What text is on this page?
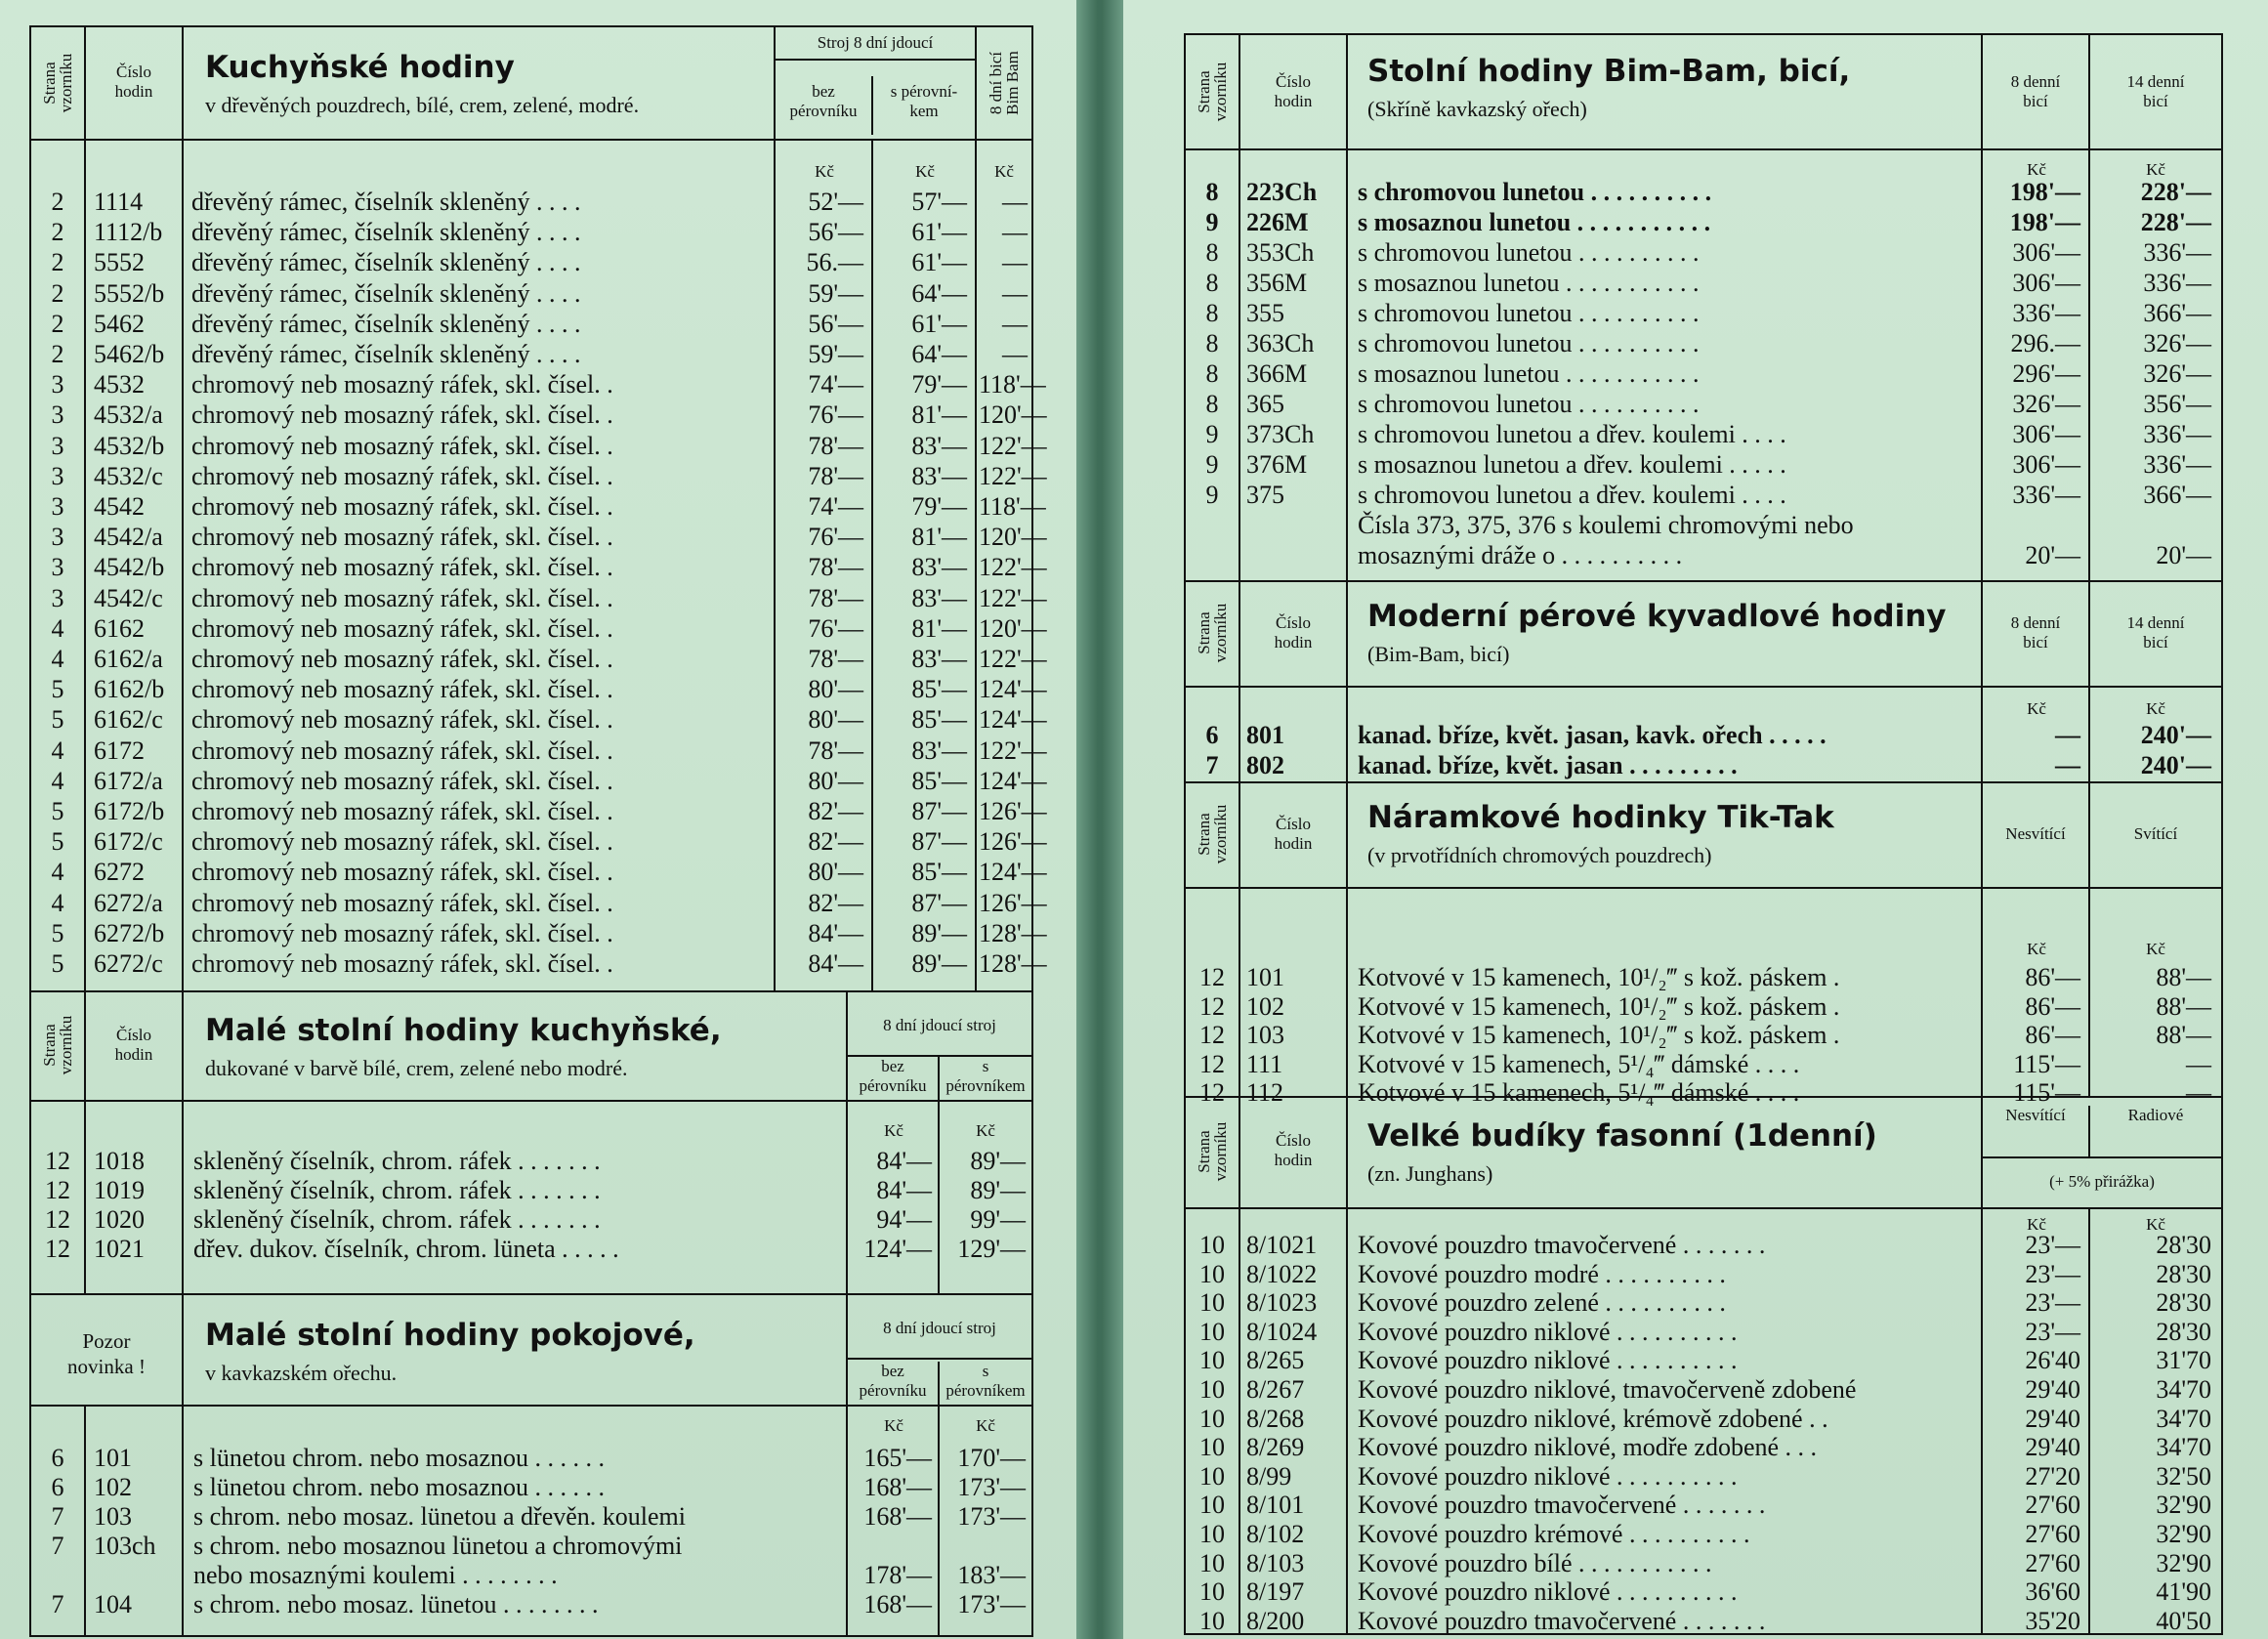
Strana
vzorníku	Číslo
hodin
Kuchyňské hodiny
v dřevěných pouzdrech, bílé, crem, zelené, modré.
Stroj 8 dní jdoucí
bez
pérovníku
s pérovní-
kem	8 dní bicí
Bim Bam
Kč	Kč	Kč
2	1114	dřevěný rámec, číselník skleněný . . . .	52'—	57'—	—
2	1112/b	dřevěný rámec, číselník skleněný . . . .	56'—	61'—	—
2	5552	dřevěný rámec, číselník skleněný . . . .	56.—	61'—	—
2	5552/b	dřevěný rámec, číselník skleněný . . . .	59'—	64'—	—
2	5462	dřevěný rámec, číselník skleněný . . . .	56'—	61'—	—
2	5462/b	dřevěný rámec, číselník skleněný . . . .	59'—	64'—	—
3	4532	chromový neb mosazný ráfek, skl. čísel. .	74'—	79'— 118'—
3	4532/a	chromový neb mosazný ráfek, skl. čísel. .	76'—	81'— 120'—
3	4532/b	chromový neb mosazný ráfek, skl. čísel. .	78'—	83'— 122'—
3	4532/c	chromový neb mosazný ráfek, skl. čísel. .	78'—	83'— 122'—
3	4542	chromový neb mosazný ráfek, skl. čísel. .	74'—	79'— 118'—
3	4542/a	chromový neb mosazný ráfek, skl. čísel. .	76'—	81'— 120'—
3	4542/b	chromový neb mosazný ráfek, skl. čísel. .	78'—	83'— 122'—
3	4542/c	chromový neb mosazný ráfek, skl. čísel. .	78'—	83'— 122'—
4	6162	chromový neb mosazný ráfek, skl. čísel. .	76'—	81'— 120'—
4	6162/a	chromový neb mosazný ráfek, skl. čísel. .	78'—	83'— 122'—
5	6162/b	chromový neb mosazný ráfek, skl. čísel. .	80'—	85'— 124'—
5	6162/c	chromový neb mosazný ráfek, skl. čísel. .	80'—	85'— 124'—
4	6172	chromový neb mosazný ráfek, skl. čísel. .	78'—	83'— 122'—
4	6172/a	chromový neb mosazný ráfek, skl. čísel. .	80'—	85'— 124'—
5	6172/b	chromový neb mosazný ráfek, skl. čísel. .	82'—	87'— 126'—
5	6172/c	chromový neb mosazný ráfek, skl. čísel. .	82'—	87'— 126'—
4	6272	chromový neb mosazný ráfek, skl. čísel. .	80'—	85'— 124'—
4	6272/a	chromový neb mosazný ráfek, skl. čísel. .	82'—	87'— 126'—
5	6272/b	chromový neb mosazný ráfek, skl. čísel. .	84'—	89'— 128'—
5	6272/c	chromový neb mosazný ráfek, skl. čísel. .	84'—	89'— 128'—
Strana
vzorníku	Číslo
hodin
Malé stolní hodiny kuchyňské,
dukované v barvě bílé, crem, zelené nebo modré.
8 dní jdoucí stroj
bez
pérovníku
s
pérovníkem
Kč	Kč
12 1018	skleněný číselník, chrom. ráfek . . . . . . .	84'—	89'—
12 1019	skleněný číselník, chrom. ráfek . . . . . . .	84'—	89'—
12 1020	skleněný číselník, chrom. ráfek . . . . . . .	94'—	99'—
12 1021	dřev. dukov. číselník, chrom. lüneta . . . . .	124'—	129'—
Pozor
novinka !
Malé stolní hodiny pokojové,
v kavkazském ořechu.
8 dní jdoucí stroj
bez
pérovníku
s
pérovníkem
Kč	Kč
6	101	s lünetou chrom. nebo mosaznou . . . . . .	165'—	170'—
6	102	s lünetou chrom. nebo mosaznou . . . . . .	168'—	173'—
7	103	s chrom. nebo mosaz. lünetou a dřevěn. koulemi	168'—	173'—
7	103ch	s chrom. nebo mosaznou lünetou a chromovými
nebo mosaznými koulemi . . . . . . . .	178'—	183'—
7	104	s chrom. nebo mosaz. lünetou . . . . . . . .	168'—	173'—
Strana
vzorníku	Číslo
hodin
Stolní hodiny Bim-Bam, bicí,
(Skříně kavkazský ořech)
8 denní
bicí
14 denní
bicí
Kč	Kč
8	223Ch	s chromovou lunetou . . . . . . . . . .	198'—	228'—
9	226M	s mosaznou lunetou . . . . . . . . . . .	198'—	228'—
8	353Ch	s chromovou lunetou . . . . . . . . . .	306'—	336'—
8	356M	s mosaznou lunetou . . . . . . . . . . .	306'—	336'—
8	355	s chromovou lunetou . . . . . . . . . .	336'—	366'—
8	363Ch	s chromovou lunetou . . . . . . . . . .	296.—	326'—
8	366M	s mosaznou lunetou . . . . . . . . . . .	296'—	326'—
8	365	s chromovou lunetou . . . . . . . . . .	326'—	356'—
9	373Ch	s chromovou lunetou a dřev. koulemi . . . .	306'—	336'—
9	376M	s mosaznou lunetou a dřev. koulemi . . . . .	306'—	336'—
9	375	s chromovou lunetou a dřev. koulemi . . . .	336'—	366'—
Čísla 373, 375, 376 s koulemi chromovými nebo
mosaznými dráže o . . . . . . . . . .	20'—	20'—
Strana
vzorníku	Číslo
hodin
Moderní pérové kyvadlové hodiny
(Bim-Bam, bicí)
8 denní
bicí
14 denní
bicí
Kč	Kč
6	801	kanad. bříze, květ. jasan, kavk. ořech . . . . .	—	240'—
7	802	kanad. bříze, květ. jasan . . . . . . . . .	—	240'—
Strana
vzorníku	Číslo
hodin
Náramkové hodinky Tik-Tak
(v prvotřídních chromových pouzdrech)
Nesvítící	Svítící
Kč	Kč
12 101	Kotvové v 15 kamenech, 10¹/₂‴ s kož. páskem .	86'—	88'—
12 102	Kotvové v 15 kamenech, 10¹/₂‴ s kož. páskem .	86'—	88'—
12 103	Kotvové v 15 kamenech, 10¹/₂‴ s kož. páskem .	86'—	88'—
12 111	Kotvové v 15 kamenech, 5¹/₄‴ dámské . . . .	115'—	—
12 112	Kotvové v 15 kamenech, 5¹/₄‴ dámské . . . .	115'—	—
Strana
vzorníku	Číslo
hodin
Velké budíky fasonní (1denní)
(zn. Junghans)
Nesvítící	Radiové
(+ 5% přirážka)
Kč	Kč
10 8/1021	Kovové pouzdro tmavočervené . . . . . . .	23'—	28'30
10 8/1022	Kovové pouzdro modré . . . . . . . . . .	23'—	28'30
10 8/1023	Kovové pouzdro zelené . . . . . . . . . .	23'—	28'30
10 8/1024	Kovové pouzdro niklové . . . . . . . . . .	23'—	28'30
10 8/265	Kovové pouzdro niklové . . . . . . . . . .	26'40	31'70
10 8/267	Kovové pouzdro niklové, tmavočerveně zdobené	29'40	34'70
10 8/268	Kovové pouzdro niklové, krémově zdobené . .	29'40	34'70
10 8/269	Kovové pouzdro niklové, modře zdobené . . .	29'40	34'70
10 8/99	Kovové pouzdro niklové . . . . . . . . . .	27'20	32'50
10 8/101	Kovové pouzdro tmavočervené . . . . . . .	27'60	32'90
10 8/102	Kovové pouzdro krémové . . . . . . . . . .	27'60	32'90
10 8/103	Kovové pouzdro bílé . . . . . . . . . . .	27'60	32'90
10 8/197	Kovové pouzdro niklové . . . . . . . . . .	36'60	41'90
10 8/200	Kovové pouzdro tmavočervené . . . . . . .	35'20	40'50
